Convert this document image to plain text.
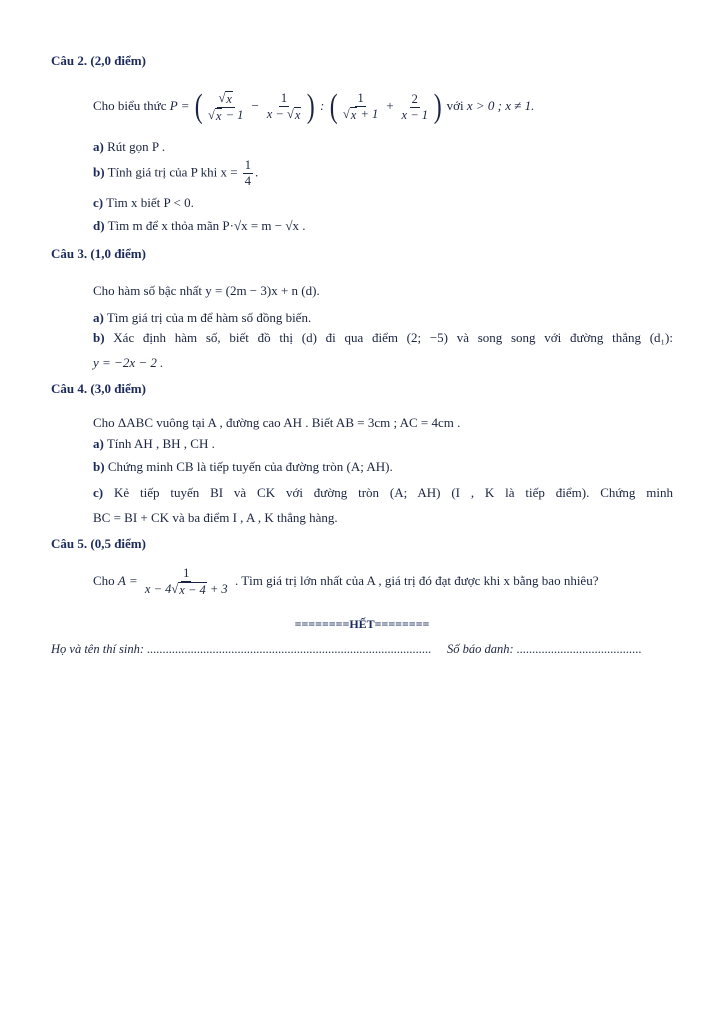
Câu 2. (2,0 điểm)
Cho biểu thức P = ( $\frac{√ x}{√ x - 1} - \frac{1}{x - √ x}$ ) : ( $\frac{1}{√ x + 1} + \frac{2}{x - 1}$ ) với x > 0 ; x ≠ 1.
a) Rút gọn P .
b) Tính giá trị của P khi $x = \frac{1}{4}$ .
c) Tìm x biết P < 0.
d) Tìm m để x thỏa mãn P·√x = m − √x .
Câu 3. (1,0 điểm)
Cho hàm số bậc nhất y = (2m − 3)x + n (d).
a) Tìm giá trị của m để hàm số đồng biến.
b) Xác định hàm số, biết đồ thị (d) đi qua điểm (2; −5) và song song với đường thẳng (d₁):
y = −2x − 2 .
Câu 4. (3,0 điểm)
Cho ΔABC vuông tại A , đường cao AH . Biết AB = 3cm ; AC = 4cm .
a) Tính AH , BH , CH .
b) Chứng minh CB là tiếp tuyến của đường tròn (A; AH).
c) Kẻ tiếp tuyến BI và CK với đường tròn (A; AH) (I , K là tiếp điểm). Chứng minh
BC = BI + CK và ba điểm I , A , K thẳng hàng.
Câu 5. (0,5 điểm)
Cho $A = \frac{1}{x - 4 √ x - 4 + 3}$ . Tìm giá trị lớn nhất của A , giá trị đó đạt được khi x bằng bao nhiêu?
========HẾT========
Họ và tên thí sinh: ........................................................................................... Số báo danh: ........................................
